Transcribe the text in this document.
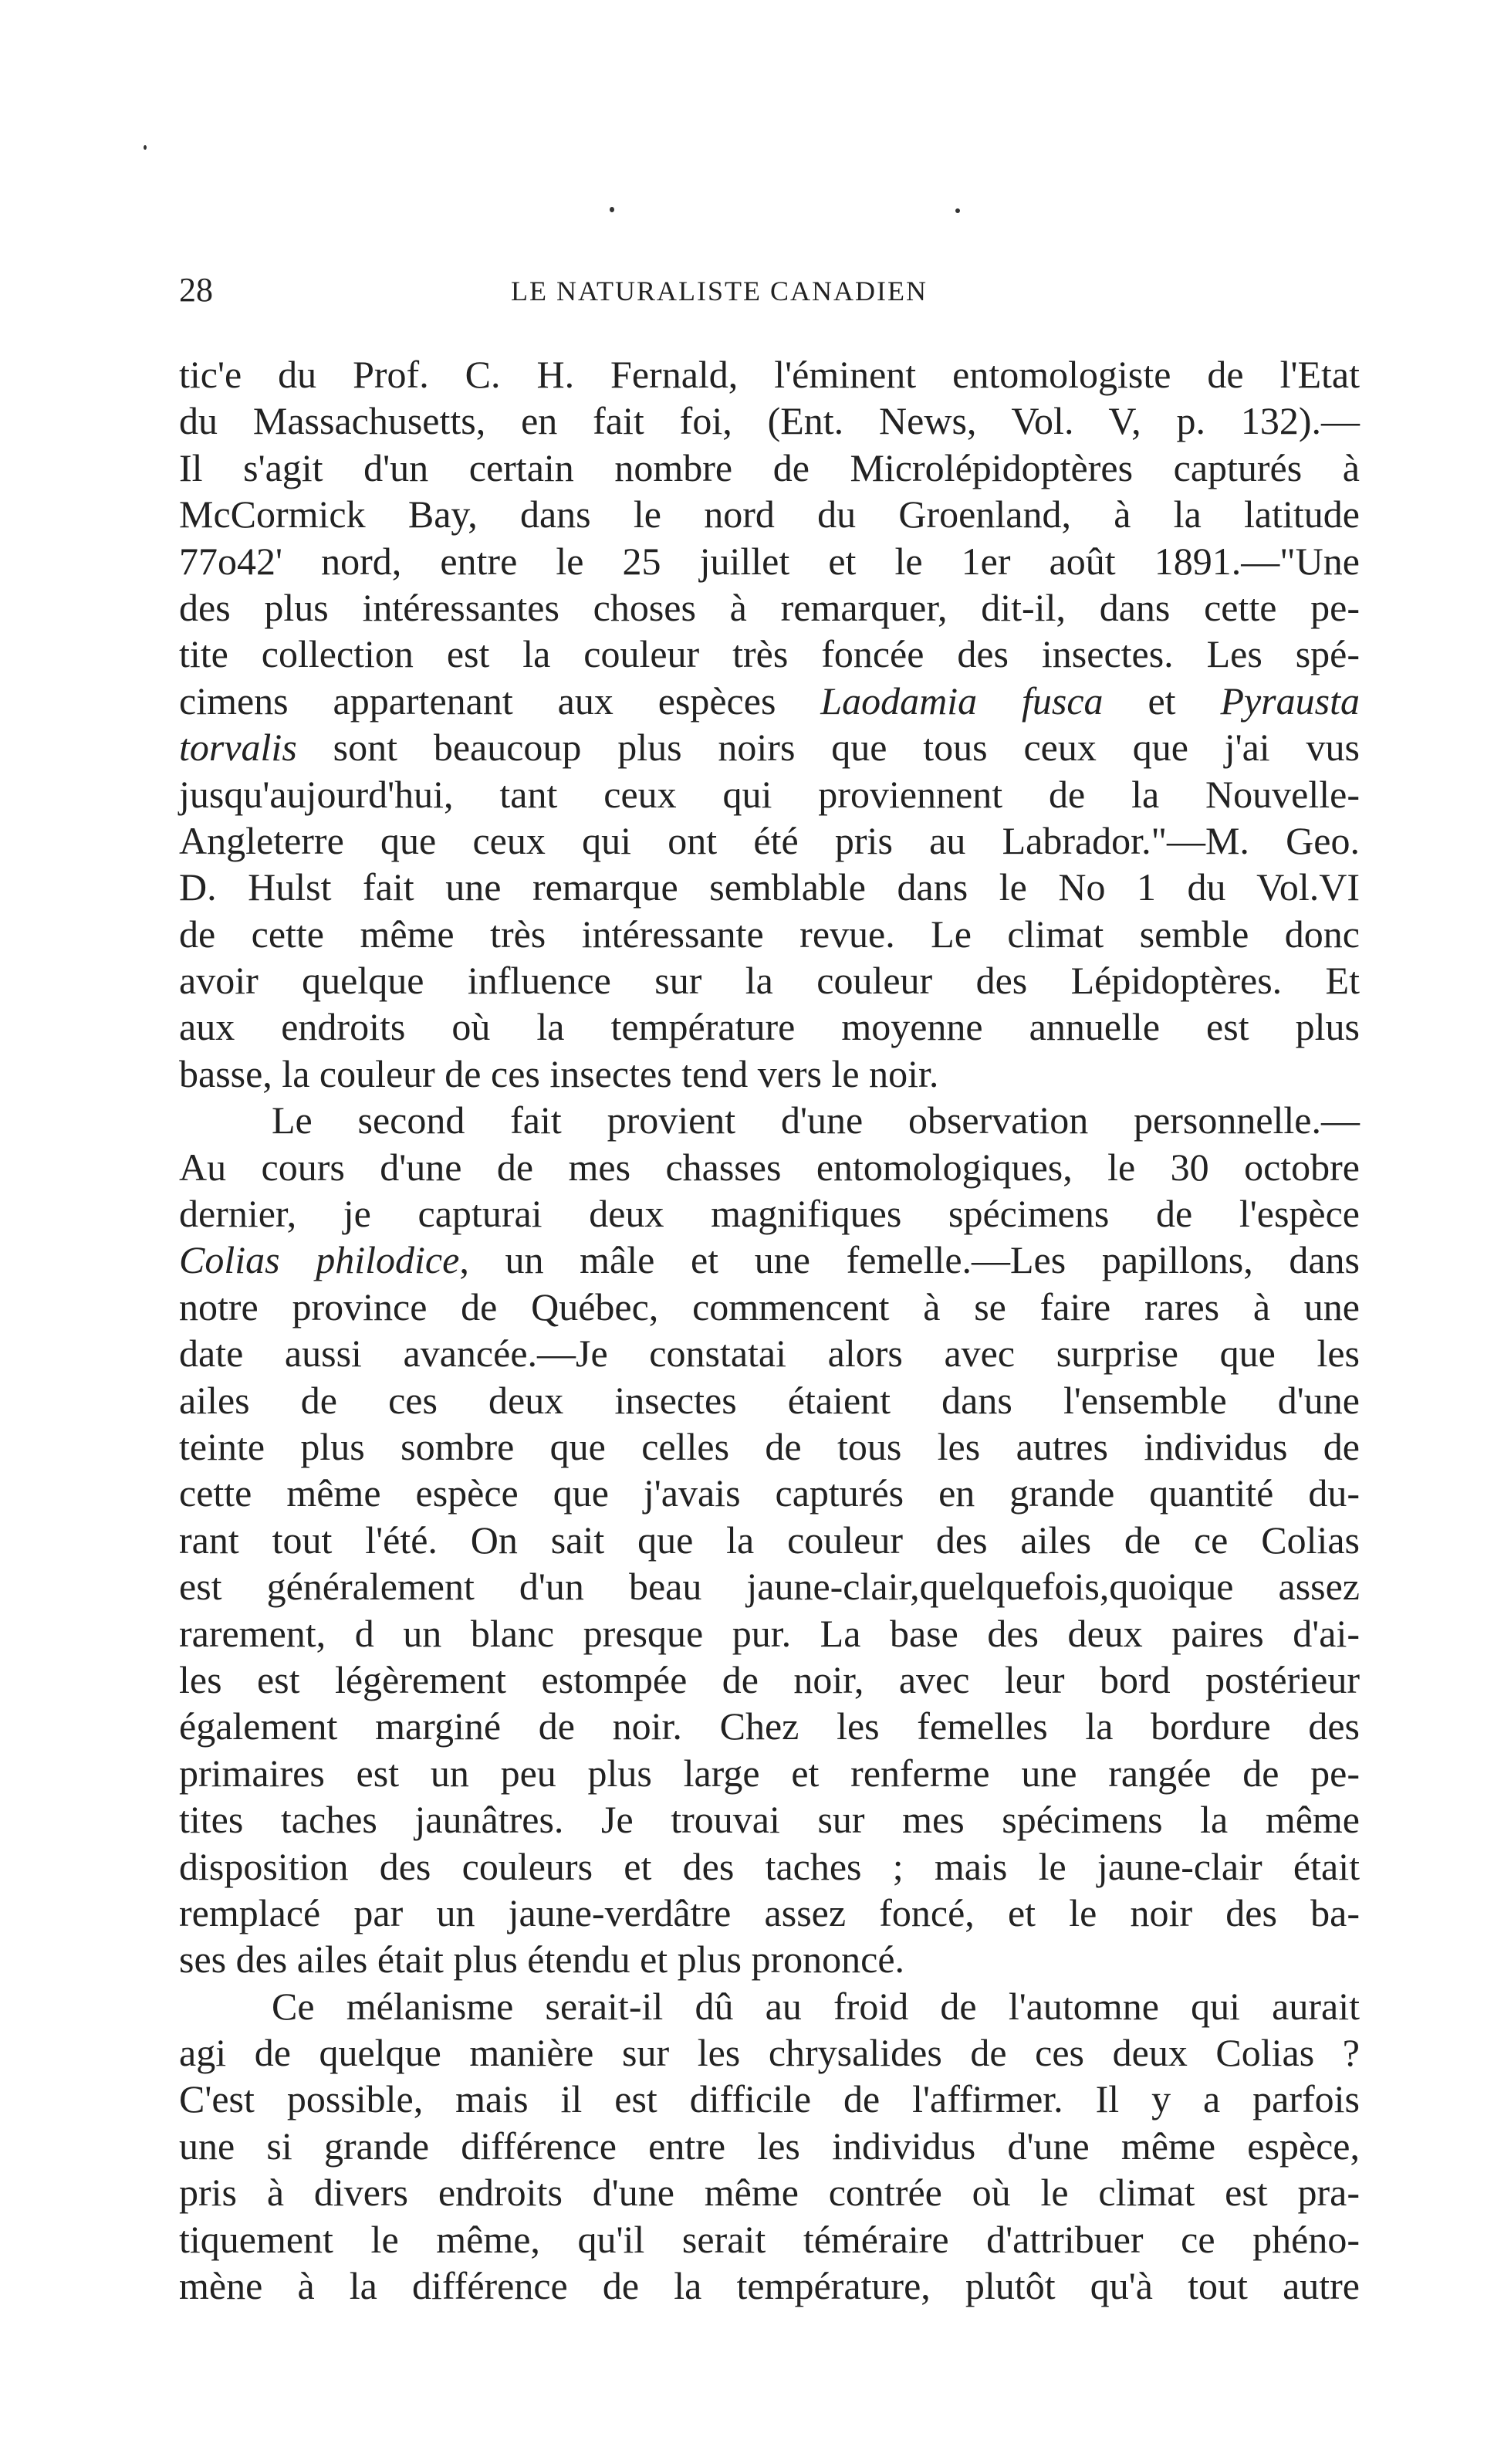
28	LE NATURALISTE CANADIEN
tic'e du Prof. C. H. Fernald, l'éminent entomologiste de l'Etat
du Massachusetts, en fait foi, (Ent. News, Vol. V, p. 132).—
Il s'agit d'un certain nombre de Microlépidoptères capturés à
McCormick Bay, dans le nord du Groenland, à la latitude
77o42' nord, entre le 25 juillet et le 1er août 1891.—"Une
des plus intéressantes choses à remarquer, dit-il, dans cette pe-
tite collection est la couleur très foncée des insectes. Les spé-
cimens appartenant aux espèces Laodamia fusca et Pyrausta
torvalis sont beaucoup plus noirs que tous ceux que j'ai vus
jusqu'aujourd'hui, tant ceux qui proviennent de la Nouvelle-
Angleterre que ceux qui ont été pris au Labrador."—M. Geo.
D. Hulst fait une remarque semblable dans le No 1 du Vol.VI
de cette même très intéressante revue. Le climat semble donc
avoir quelque influence sur la couleur des Lépidoptères. Et
aux endroits où la température moyenne annuelle est plus
basse, la couleur de ces insectes tend vers le noir.
Le second fait provient d'une observation personnelle.—
Au cours d'une de mes chasses entomologiques, le 30 octobre
dernier, je capturai deux magnifiques spécimens de l'espèce
Colias philodice, un mâle et une femelle.—Les papillons, dans
notre province de Québec, commencent à se faire rares à une
date aussi avancée.—Je constatai alors avec surprise que les
ailes de ces deux insectes étaient dans l'ensemble d'une
teinte plus sombre que celles de tous les autres individus de
cette même espèce que j'avais capturés en grande quantité du-
rant tout l'été. On sait que la couleur des ailes de ce Colias
est généralement d'un beau jaune-clair,quelquefois,quoique assez
rarement, d un blanc presque pur. La base des deux paires d'ai-
les est légèrement estompée de noir, avec leur bord postérieur
également marginé de noir. Chez les femelles la bordure des
primaires est un peu plus large et renferme une rangée de pe-
tites taches jaunâtres. Je trouvai sur mes spécimens la même
disposition des couleurs et des taches ; mais le jaune-clair était
remplacé par un jaune-verdâtre assez foncé, et le noir des ba-
ses des ailes était plus étendu et plus prononcé.
Ce mélanisme serait-il dû au froid de l'automne qui aurait
agi de quelque manière sur les chrysalides de ces deux Colias ?
C'est possible, mais il est difficile de l'affirmer. Il y a parfois
une si grande différence entre les individus d'une même espèce,
pris à divers endroits d'une même contrée où le climat est pra-
tiquement le même, qu'il serait téméraire d'attribuer ce phéno-
mène à la différence de la température, plutôt qu'à tout autre
